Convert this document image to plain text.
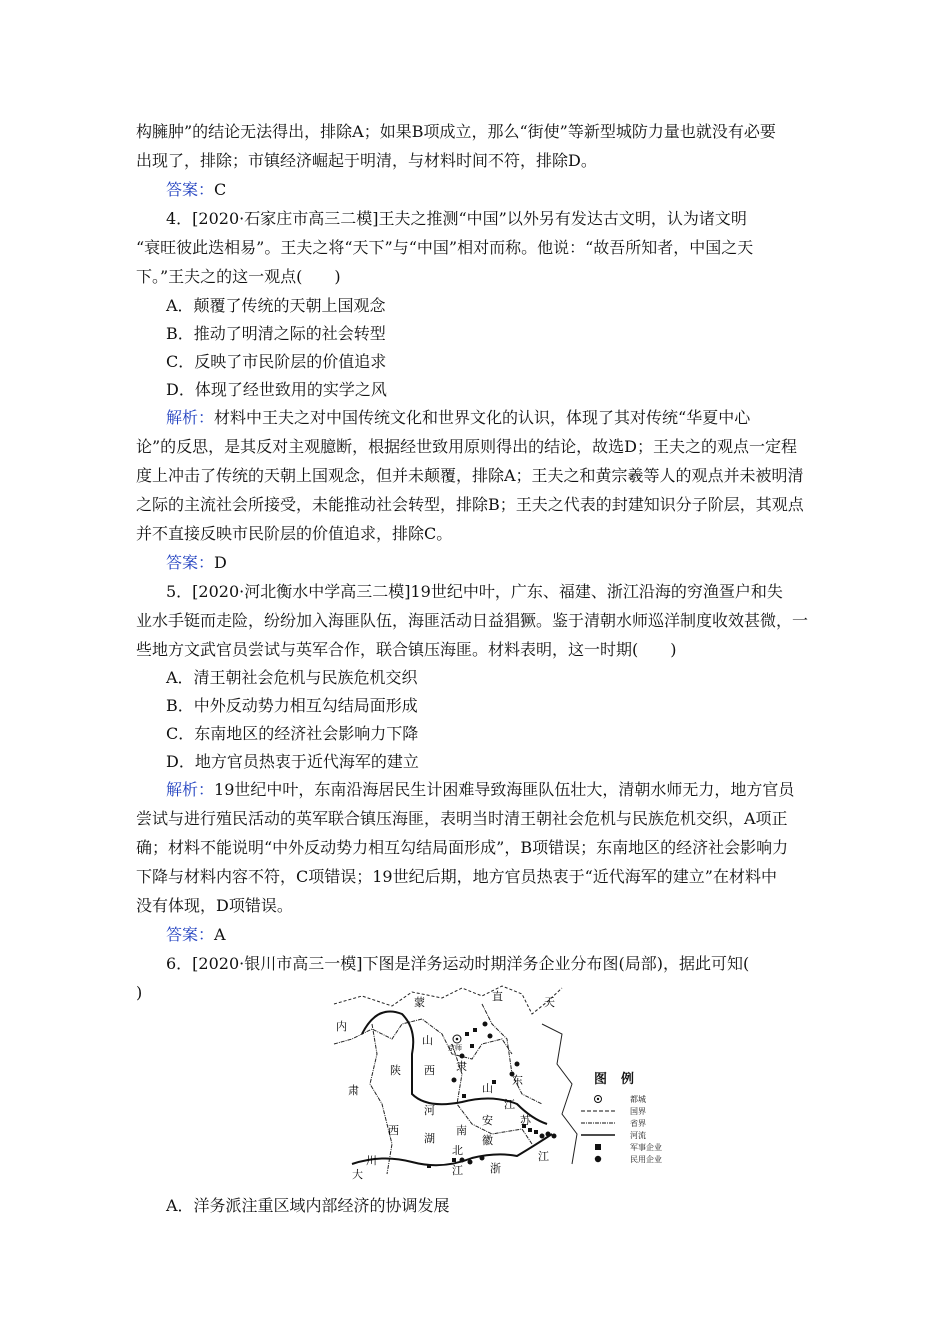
构臃肿”的结论无法得出，排除A；如果B项成立，那么“街使”等新型城防力量也就没有必要
出现了，排除；市镇经济崛起于明清，与材料时间不符，排除D。
答案：C
4．[2020·石家庄市高三二模]王夫之推测“中国”以外另有发达古文明，认为诸文明
“衰旺彼此迭相易”。王夫之将“天下”与“中国”相对而称。他说：“故吾所知者，中国之天
下。”王夫之的这一观点(　　)
A．颠覆了传统的天朝上国观念
B．推动了明清之际的社会转型
C．反映了市民阶层的价值追求
D．体现了经世致用的实学之风
解析：材料中王夫之对中国传统文化和世界文化的认识，体现了其对传统“华夏中心
论”的反思，是其反对主观臆断，根据经世致用原则得出的结论，故选D；王夫之的观点一定程
度上冲击了传统的天朝上国观念，但并未颠覆，排除A；王夫之和黄宗羲等人的观点并未被明清
之际的主流社会所接受，未能推动社会转型，排除B；王夫之代表的封建知识分子阶层，其观点
并不直接反映市民阶层的价值追求，排除C。
答案：D
5．[2020·河北衡水中学高三二模]19世纪中叶，广东、福建、浙江沿海的穷渔疍户和失
业水手铤而走险，纷纷加入海匪队伍，海匪活动日益猖獗。鉴于清朝水师巡洋制度收效甚微，一
些地方文武官员尝试与英军合作，联合镇压海匪。材料表明，这一时期(　　)
A．清王朝社会危机与民族危机交织
B．中外反动势力相互勾结局面形成
C．东南地区的经济社会影响力下降
D．地方官员热衷于近代海军的建立
解析：19世纪中叶，东南沿海居民生计困难导致海匪队伍壮大，清朝水师无力，地方官员
尝试与进行殖民活动的英军联合镇压海匪，表明当时清王朝社会危机与民族危机交织，A项正
确；材料不能说明“中外反动势力相互勾结局面形成”，B项错误；东南地区的经济社会影响力
下降与材料内容不符，C项错误；19世纪后期，地方官员热衷于“近代海军的建立”在材料中
没有体现，D项错误。
答案：A
6．[2020·银川市高三一模]下图是洋务运动时期洋务企业分布图(局部)，据此可知(
)
京师
蒙	直	天
内
山
隶
陕 西
东
肃
河
山
江
西	南
安 苏
湖	徽
川
北
大	江 浙
江
图例
都城
国界
省界
河流
军事企业
民用企业
A．洋务派注重区域内部经济的协调发展
